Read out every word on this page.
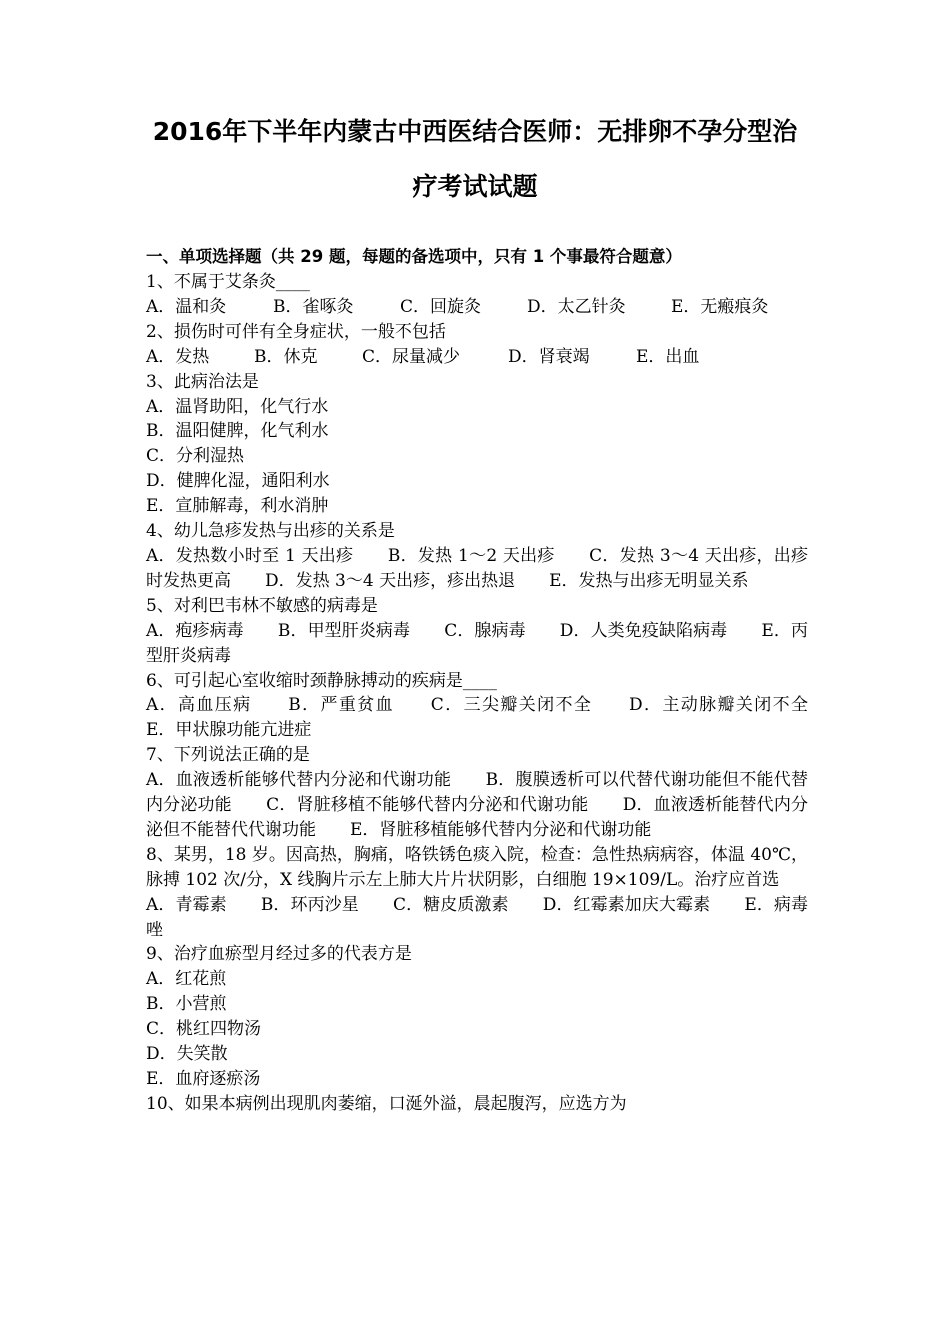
2016年下半年内蒙古中西医结合医师：无排卵不孕分型治
疗考试试题
一、单项选择题（共 29 题，每题的备选项中，只有 1 个事最符合题意）
1、不属于艾条灸____
A．温和灸	B．雀啄灸	C．回旋灸	D．太乙针灸	E．无瘢痕灸
2、损伤时可伴有全身症状，一般不包括
A．发热	B．休克	C．尿量减少	D．肾衰竭	E．出血
3、此病治法是
A．温肾助阳，化气行水
B．温阳健脾，化气利水
C．分利湿热
D．健脾化湿，通阳利水
E．宣肺解毒，利水消肿
4、幼儿急疹发热与出疹的关系是
A．发热数小时至 1 天出疹　　B．发热 1～2 天出疹　　C．发热 3～4 天出疹，出疹时发热更高　　D．发热 3～4 天出疹，疹出热退　　E．发热与出疹无明显关系
5、对利巴韦林不敏感的病毒是
A．疱疹病毒　　B．甲型肝炎病毒　　C．腺病毒　　D．人类免疫缺陷病毒　　E．丙型肝炎病毒
6、可引起心室收缩时颈静脉搏动的疾病是____
A．高血压病　　B．严重贫血　　C．三尖瓣关闭不全　　D．主动脉瓣关闭不全　　E．甲状腺功能亢进症
7、下列说法正确的是
A．血液透析能够代替内分泌和代谢功能　　B．腹膜透析可以代替代谢功能但不能代替内分泌功能　　C．肾脏移植不能够代替内分泌和代谢功能　　D．血液透析能替代内分泌但不能替代代谢功能　　E．肾脏移植能够代替内分泌和代谢功能
8、某男，18 岁。因高热，胸痛，咯铁锈色痰入院，检查：急性热病病容，体温 40℃，脉搏 102 次/分，X 线胸片示左上肺大片片状阴影，白细胞 19×109/L。治疗应首选
A．青霉素　　B．环丙沙星　　C．糖皮质激素　　D．红霉素加庆大霉素　　E．病毒唑
9、治疗血瘀型月经过多的代表方是
A．红花煎
B．小营煎
C．桃红四物汤
D．失笑散
E．血府逐瘀汤
10、如果本病例出现肌肉萎缩，口涎外溢，晨起腹泻，应选方为
